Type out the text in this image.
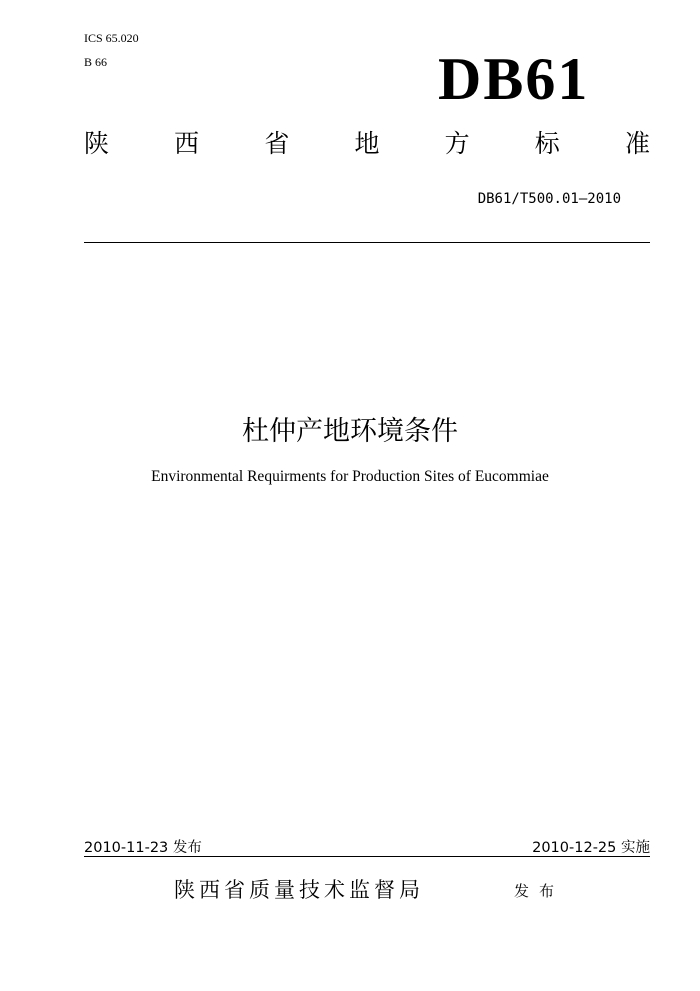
ICS 65.020
B 66	DB61
陕	西	省	地	方	标	准
DB61/T500.01—2010
杜仲产地环境条件
Environmental Requirments for Production Sites of Eucommiae
2010-11-23 发布	2010-12-25 实施
陕西省质量技术监督局	发布
